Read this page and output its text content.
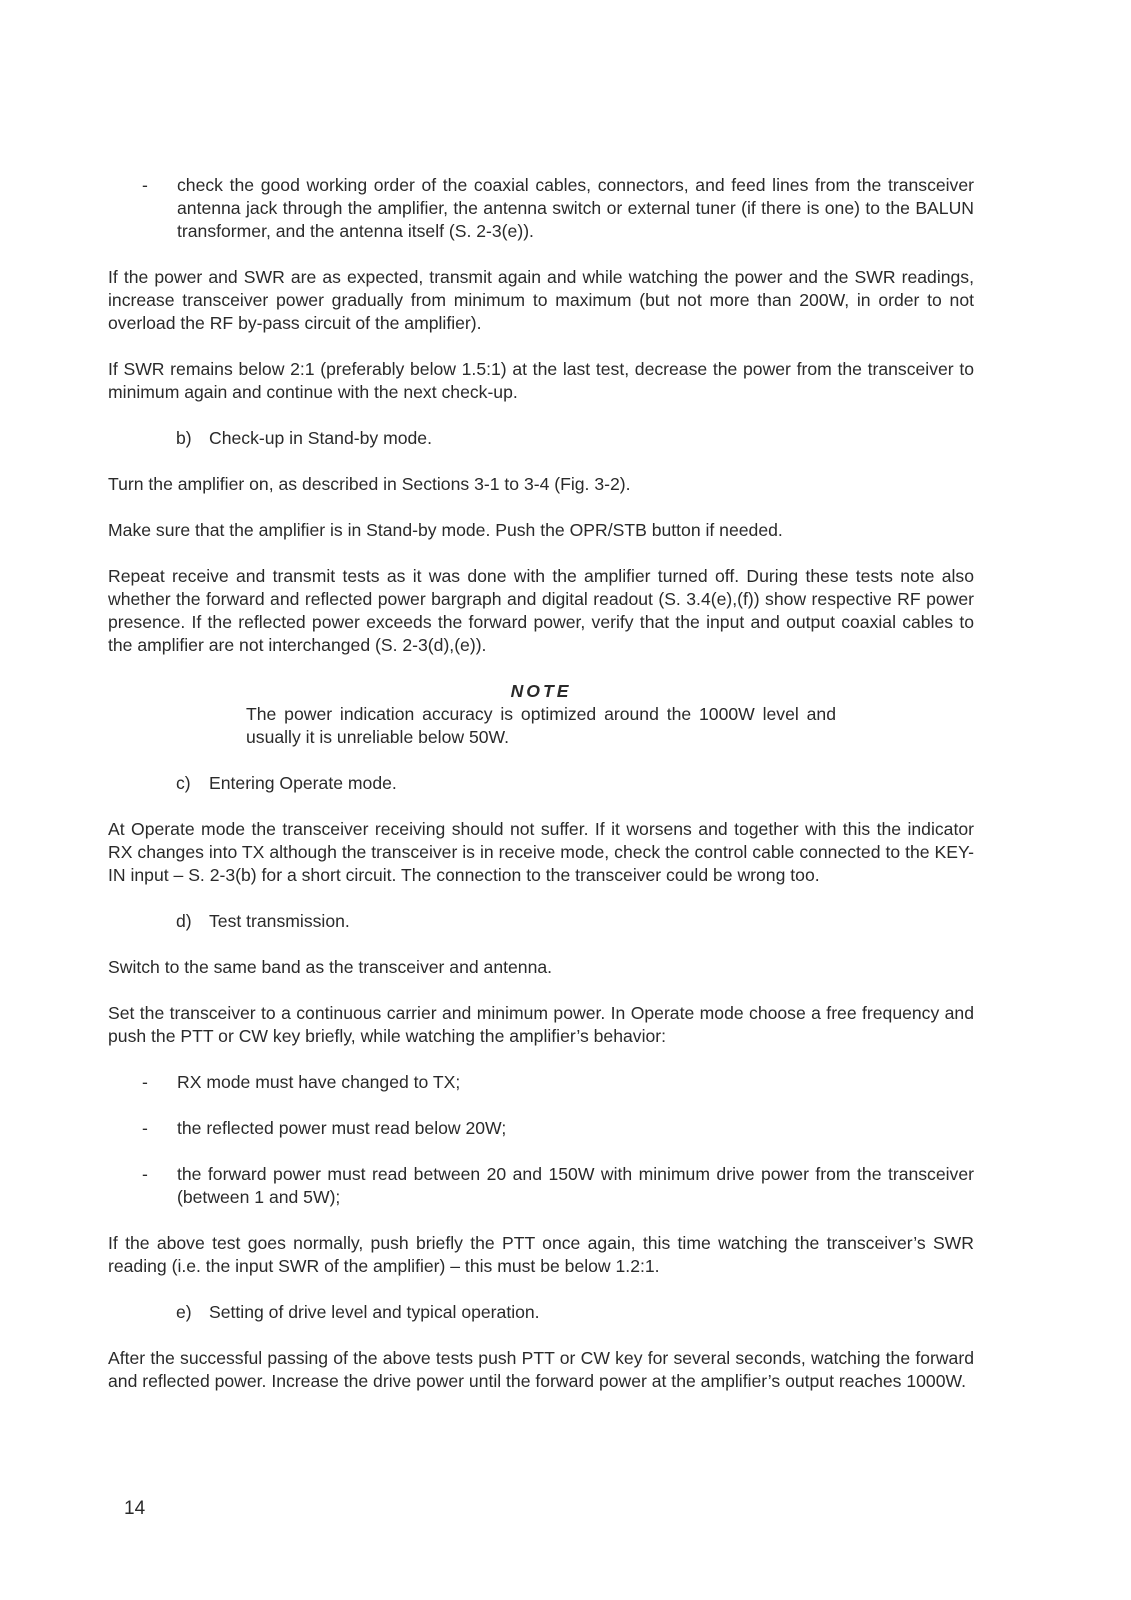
- check the good working order of the coaxial cables, connectors, and feed lines from the transceiver antenna jack through the amplifier, the antenna switch or external tuner (if there is one) to the BALUN transformer, and the antenna itself (S. 2-3(e)).

If the power and SWR are as expected, transmit again and while watching the power and the SWR readings, increase transceiver power gradually from minimum to maximum (but not more than 200W, in order to not overload the RF by-pass circuit of the amplifier).

If SWR remains below 2:1 (preferably below 1.5:1) at the last test, decrease the power from the transceiver to minimum again and continue with the next check-up.

b) Check-up in Stand-by mode.

Turn the amplifier on, as described in Sections 3-1 to 3-4 (Fig. 3-2).

Make sure that the amplifier is in Stand-by mode. Push the OPR/STB button if needed.

Repeat receive and transmit tests as it was done with the amplifier turned off. During these tests note also whether the forward and reflected power bargraph and digital readout (S. 3.4(e),(f)) show respective RF power presence. If the reflected power exceeds the forward power, verify that the input and output coaxial cables to the amplifier are not interchanged (S. 2-3(d),(e)).

NOTE

The power indication accuracy is optimized around the 1000W level and usually it is unreliable below 50W.

c) Entering Operate mode.

At Operate mode the transceiver receiving should not suffer. If it worsens and together with this the indicator RX changes into TX although the transceiver is in receive mode, check the control cable connected to the KEY-IN input – S. 2-3(b) for a short circuit. The connection to the transceiver could be wrong too.

d) Test transmission.

Switch to the same band as the transceiver and antenna.

Set the transceiver to a continuous carrier and minimum power. In Operate mode choose a free frequency and push the PTT or CW key briefly, while watching the amplifier’s behavior:

- RX mode must have changed to TX;
- the reflected power must read below 20W;
- the forward power must read between 20 and 150W with minimum drive power from the transceiver (between 1 and 5W);

If the above test goes normally, push briefly the PTT once again, this time watching the transceiver’s SWR reading (i.e. the input SWR of the amplifier) – this must be below 1.2:1.

e) Setting of drive level and typical operation.

After the successful passing of the above tests push PTT or CW key for several seconds, watching the forward and reflected power. Increase the drive power until the forward power at the amplifier’s output reaches 1000W.

14
